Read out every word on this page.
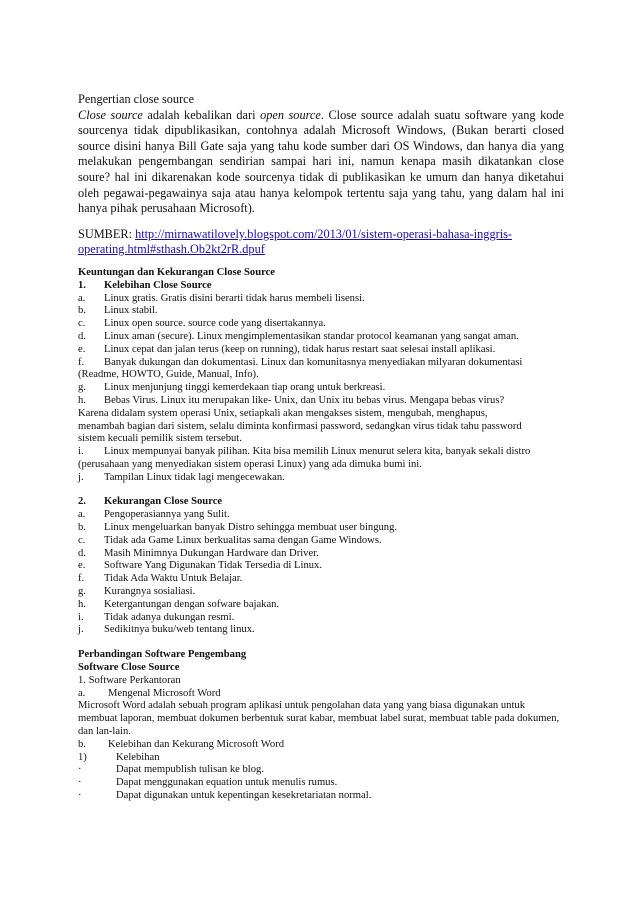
Pengertian close source

Close source adalah kebalikan dari open source. Close source adalah suatu software yang kode sourcenya tidak dipublikasikan, contohnya adalah Microsoft Windows, (Bukan berarti closed source disini hanya Bill Gate saja yang tahu kode sumber dari OS Windows, dan hanya dia yang melakukan pengembangan sendirian sampai hari ini, namun kenapa masih dikatankan close soure? hal ini dikarenakan kode sourcenya tidak di publikasikan ke umum dan hanya diketahui oleh pegawai-pegawainya saja atau hanya kelompok tertentu saja yang tahu, yang dalam hal ini hanya pihak perusahaan Microsoft).

SUMBER: http://mirnawatilovely.blogspot.com/2013/01/sistem-operasi-bahasa-inggris-operating.html#sthash.Ob2kt2rR.dpuf
Keuntungan dan Kekurangan Close Source
1. Kelebihan Close Source
a. Linux gratis. Gratis disini berarti tidak harus membeli lisensi.
b. Linux stabil.
c. Linux open source. source code yang disertakannya.
d. Linux aman (secure). Linux mengimplementasikan standar protocol keamanan yang sangat aman.
e. Linux cepat dan jalan terus (keep on running), tidak harus restart saat selesai install aplikasi.
f. Banyak dukungan dan dokumentasi. Linux dan komunitasnya menyediakan milyaran dokumentasi
(Readme, HOWTO, Guide, Manual, Info).
g. Linux menjunjung tinggi kemerdekaan tiap orang untuk berkreasi.
h. Bebas Virus. Linux itu merupakan like- Unix, dan Unix itu bebas virus. Mengapa bebas virus?
Karena didalam system operasi Unix, setiapkali akan mengakses sistem, mengubah, menghapus,
menambah bagian dari sistem, selalu diminta konfirmasi password, sedangkan virus tidak tahu password
sistem kecuali pemilik sistem tersebut.
i. Linux mempunyai banyak pilihan. Kita bisa memilih Linux menurut selera kita, banyak sekali distro
(perusahaan yang menyediakan sistem operasi Linux) yang ada dimuka bumi ini.
j. Tampilan Linux tidak lagi mengecewakan.
2. Kekurangan Close Source
a. Pengoperasiannya yang Sulit.
b. Linux mengeluarkan banyak Distro sehingga membuat user bingung.
c. Tidak ada Game Linux berkualitas sama dengan Game Windows.
d. Masih Minimnya Dukungan Hardware dan Driver.
e. Software Yang Digunakan Tidak Tersedia di Linux.
f. Tidak Ada Waktu Untuk Belajar.
g. Kurangnya sosialiasi.
h. Ketergantungan dengan sofware bajakan.
i. Tidak adanya dukungan resmi.
j. Sedikitnya buku/web tentang linux.
Perbandingan Software Pengembang
Software Close Source
1. Software Perkantoran
a. Mengenal Microsoft Word
Microsoft Word adalah sebuah program aplikasi untuk pengolahan data yang yang biasa digunakan untuk membuat laporan, membuat dokumen berbentuk surat kabar, membuat label surat, membuat table pada dokumen, dan lan-lain.
b. Kelebihan dan Kekurang Microsoft Word
1)	Kelebihan
·	Dapat mempublish tulisan ke blog.
·	Dapat menggunakan equation untuk menulis rumus.
·	Dapat digunakan untuk kepentingan kesekretariatan normal.
